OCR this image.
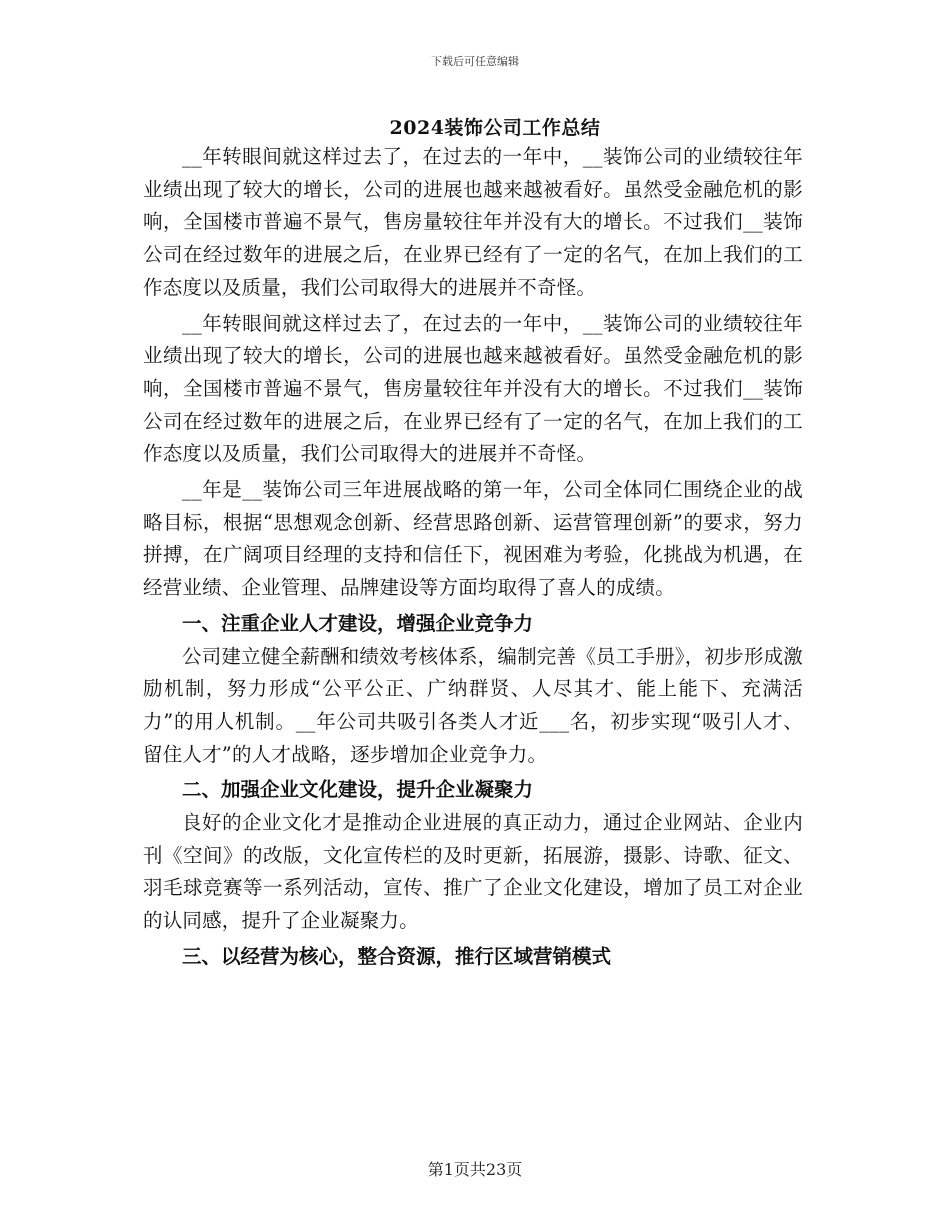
下载后可任意编辑
2024装饰公司工作总结

__年转眼间就这样过去了，在过去的一年中，__装饰公司的业绩较往年业绩出现了较大的增长，公司的进展也越来越被看好。虽然受金融危机的影响，全国楼市普遍不景气，售房量较往年并没有大的增长。不过我们__装饰公司在经过数年的进展之后，在业界已经有了一定的名气，在加上我们的工作态度以及质量，我们公司取得大的进展并不奇怪。

__年转眼间就这样过去了，在过去的一年中，__装饰公司的业绩较往年业绩出现了较大的增长，公司的进展也越来越被看好。虽然受金融危机的影响，全国楼市普遍不景气，售房量较往年并没有大的增长。不过我们__装饰公司在经过数年的进展之后，在业界已经有了一定的名气，在加上我们的工作态度以及质量，我们公司取得大的进展并不奇怪。

__年是__装饰公司三年进展战略的第一年，公司全体同仁围绕企业的战略目标，根据“思想观念创新、经营思路创新、运营管理创新”的要求，努力拼搏，在广阔项目经理的支持和信任下，视困难为考验，化挑战为机遇，在经营业绩、企业管理、品牌建设等方面均取得了喜人的成绩。

一、注重企业人才建设，增强企业竞争力

公司建立健全薪酬和绩效考核体系，编制完善《员工手册》，初步形成激励机制，努力形成“公平公正、广纳群贤、人尽其才、能上能下、充满活力”的用人机制。__年公司共吸引各类人才近___名，初步实现“吸引人才、留住人才”的人才战略，逐步增加企业竞争力。

二、加强企业文化建设，提升企业凝聚力

良好的企业文化才是推动企业进展的真正动力，通过企业网站、企业内刊《空间》的改版，文化宣传栏的及时更新，拓展游，摄影、诗歌、征文、羽毛球竞赛等一系列活动，宣传、推广了企业文化建设，增加了员工对企业的认同感，提升了企业凝聚力。

三、以经营为核心，整合资源，推行区域营销模式

第1页共23页
